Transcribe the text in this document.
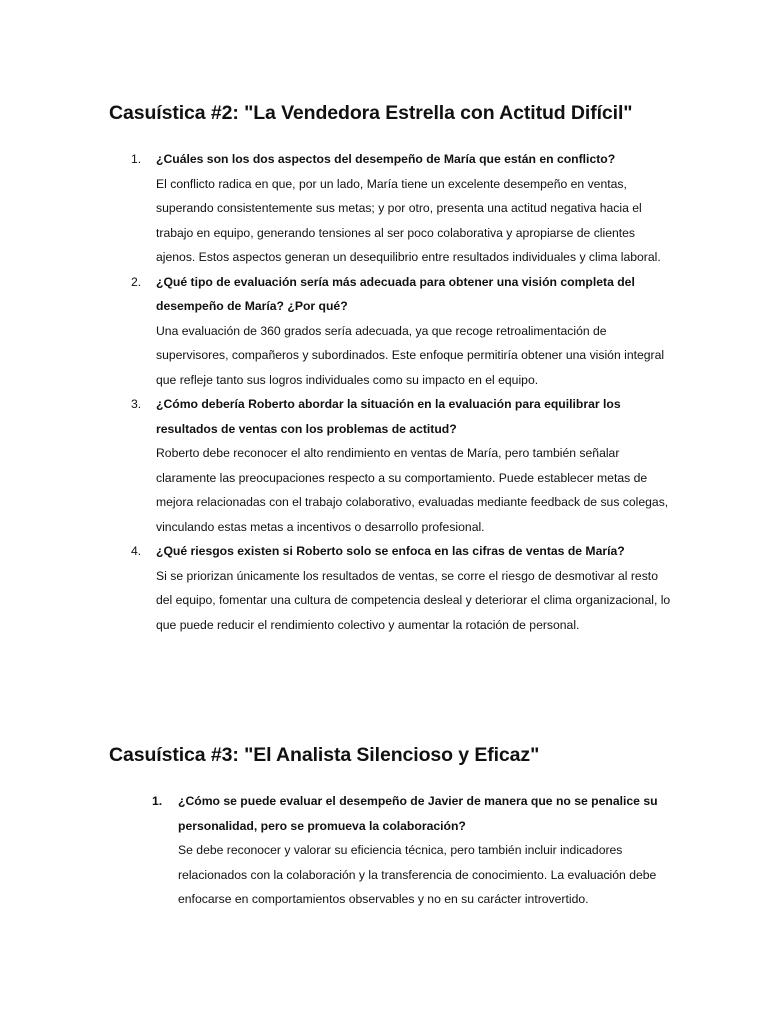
Casuística #2: "La Vendedora Estrella con Actitud Difícil"
1. ¿Cuáles son los dos aspectos del desempeño de María que están en conflicto?
El conflicto radica en que, por un lado, María tiene un excelente desempeño en ventas, superando consistentemente sus metas; y por otro, presenta una actitud negativa hacia el trabajo en equipo, generando tensiones al ser poco colaborativa y apropiarse de clientes ajenos. Estos aspectos generan un desequilibrio entre resultados individuales y clima laboral.
2. ¿Qué tipo de evaluación sería más adecuada para obtener una visión completa del desempeño de María? ¿Por qué?
Una evaluación de 360 grados sería adecuada, ya que recoge retroalimentación de supervisores, compañeros y subordinados. Este enfoque permitiría obtener una visión integral que refleje tanto sus logros individuales como su impacto en el equipo.
3. ¿Cómo debería Roberto abordar la situación en la evaluación para equilibrar los resultados de ventas con los problemas de actitud?
Roberto debe reconocer el alto rendimiento en ventas de María, pero también señalar claramente las preocupaciones respecto a su comportamiento. Puede establecer metas de mejora relacionadas con el trabajo colaborativo, evaluadas mediante feedback de sus colegas, vinculando estas metas a incentivos o desarrollo profesional.
4. ¿Qué riesgos existen si Roberto solo se enfoca en las cifras de ventas de María?
Si se priorizan únicamente los resultados de ventas, se corre el riesgo de desmotivar al resto del equipo, fomentar una cultura de competencia desleal y deteriorar el clima organizacional, lo que puede reducir el rendimiento colectivo y aumentar la rotación de personal.
Casuística #3: "El Analista Silencioso y Eficaz"
1. ¿Cómo se puede evaluar el desempeño de Javier de manera que no se penalice su personalidad, pero se promueva la colaboración?
Se debe reconocer y valorar su eficiencia técnica, pero también incluir indicadores relacionados con la colaboración y la transferencia de conocimiento. La evaluación debe enfocarse en comportamientos observables y no en su carácter introvertido.
